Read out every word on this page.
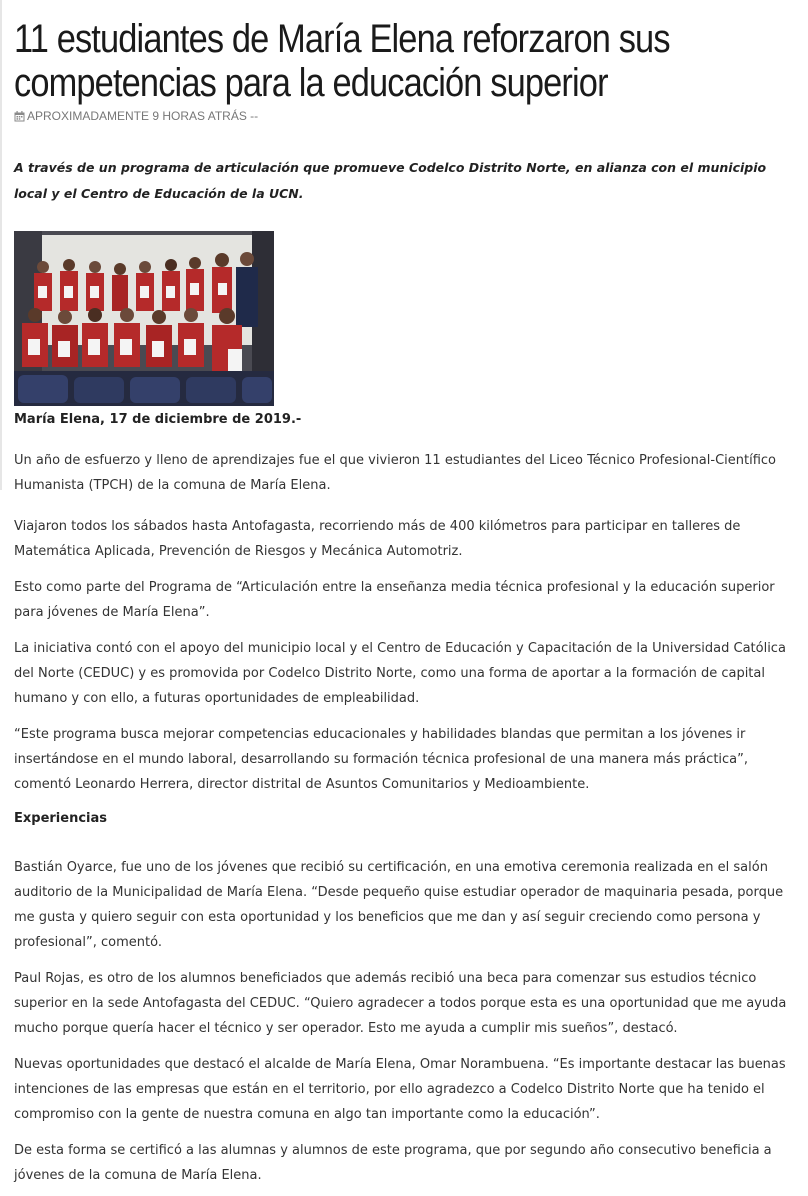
11 estudiantes de María Elena reforzaron sus competencias para la educación superior
APROXIMADAMENTE 9 HORAS ATRÁS --

A través de un programa de articulación que promueve Codelco Distrito Norte, en alianza con el municipio local y el Centro de Educación de la UCN.

María Elena, 17 de diciembre de 2019.-

Un año de esfuerzo y lleno de aprendizajes fue el que vivieron 11 estudiantes del Liceo Técnico Profesional-Científico Humanista (TPCH) de la comuna de María Elena.

Viajaron todos los sábados hasta Antofagasta, recorriendo más de 400 kilómetros para participar en talleres de Matemática Aplicada, Prevención de Riesgos y Mecánica Automotriz.

Esto como parte del Programa de “Articulación entre la enseñanza media técnica profesional y la educación superior para jóvenes de María Elena”.

La iniciativa contó con el apoyo del municipio local y el Centro de Educación y Capacitación de la Universidad Católica del Norte (CEDUC) y es promovida por Codelco Distrito Norte, como una forma de aportar a la formación de capital humano y con ello, a futuras oportunidades de empleabilidad.

“Este programa busca mejorar competencias educacionales y habilidades blandas que permitan a los jóvenes ir insertándose en el mundo laboral, desarrollando su formación técnica profesional de una manera más práctica”, comentó Leonardo Herrera, director distrital de Asuntos Comunitarios y Medioambiente.

Experiencias

Bastián Oyarce, fue uno de los jóvenes que recibió su certificación, en una emotiva ceremonia realizada en el salón auditorio de la Municipalidad de María Elena. “Desde pequeño quise estudiar operador de maquinaria pesada, porque me gusta y quiero seguir con esta oportunidad y los beneficios que me dan y así seguir creciendo como persona y profesional”, comentó.

Paul Rojas, es otro de los alumnos beneficiados que además recibió una beca para comenzar sus estudios técnico superior en la sede Antofagasta del CEDUC. “Quiero agradecer a todos porque esta es una oportunidad que me ayuda mucho porque quería hacer el técnico y ser operador. Esto me ayuda a cumplir mis sueños”, destacó.

Nuevas oportunidades que destacó el alcalde de María Elena, Omar Norambuena. “Es importante destacar las buenas intenciones de las empresas que están en el territorio, por ello agradezco a Codelco Distrito Norte que ha tenido el compromiso con la gente de nuestra comuna en algo tan importante como la educación”.

De esta forma se certificó a las alumnas y alumnos de este programa, que por segundo año consecutivo beneficia a jóvenes de la comuna de María Elena.
